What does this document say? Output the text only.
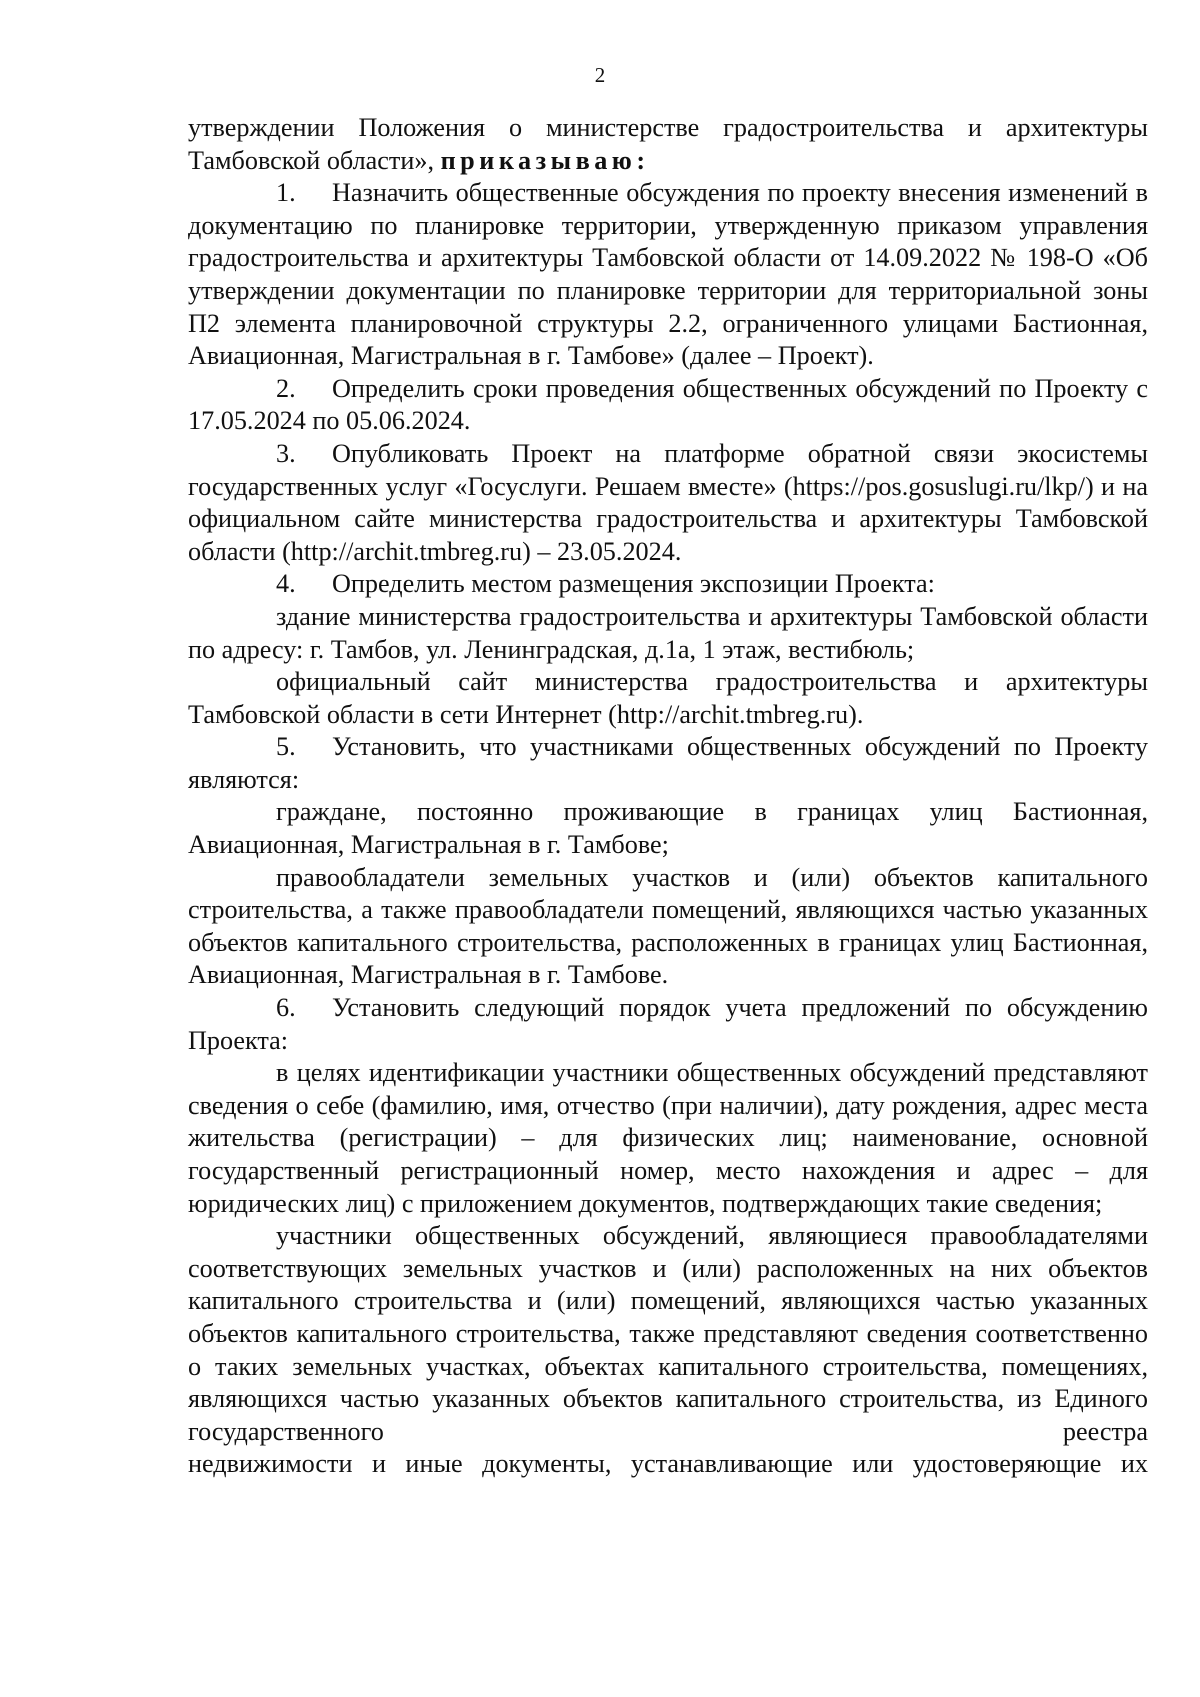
2

утверждении Положения о министерстве градостроительства и архитектуры Тамбовской области», приказываю:

1. Назначить общественные обсуждения по проекту внесения изменений в документацию по планировке территории, утвержденную приказом управления градостроительства и архитектуры Тамбовской области от 14.09.2022 № 198-О «Об утверждении документации по планировке территории для территориальной зоны П2 элемента планировочной структуры 2.2, ограниченного улицами Бастионная, Авиационная, Магистральная в г. Тамбове» (далее – Проект).

2. Определить сроки проведения общественных обсуждений по Проекту с 17.05.2024 по 05.06.2024.

3. Опубликовать Проект на платформе обратной связи экосистемы государственных услуг «Госуслуги. Решаем вместе» (https://pos.gosuslugi.ru/lkp/) и на официальном сайте министерства градостроительства и архитектуры Тамбовской области (http://archit.tmbreg.ru) – 23.05.2024.

4. Определить местом размещения экспозиции Проекта:

здание министерства градостроительства и архитектуры Тамбовской области по адресу: г. Тамбов, ул. Ленинградская, д.1а, 1 этаж, вестибюль;

официальный сайт министерства градостроительства и архитектуры Тамбовской области в сети Интернет (http://archit.tmbreg.ru).

5. Установить, что участниками общественных обсуждений по Проекту являются:

граждане, постоянно проживающие в границах улиц Бастионная, Авиационная, Магистральная в г. Тамбове;

правообладатели земельных участков и (или) объектов капитального строительства, а также правообладатели помещений, являющихся частью указанных объектов капитального строительства, расположенных в границах улиц Бастионная, Авиационная, Магистральная в г. Тамбове.

6. Установить следующий порядок учета предложений по обсуждению Проекта:

в целях идентификации участники общественных обсуждений представляют сведения о себе (фамилию, имя, отчество (при наличии), дату рождения, адрес места жительства (регистрации) – для физических лиц; наименование, основной государственный регистрационный номер, место нахождения и адрес – для юридических лиц) с приложением документов, подтверждающих такие сведения;

участники общественных обсуждений, являющиеся правообладателями соответствующих земельных участков и (или) расположенных на них объектов капитального строительства и (или) помещений, являющихся частью указанных объектов капитального строительства, также представляют сведения соответственно о таких земельных участках, объектах капитального строительства, помещениях, являющихся частью указанных объектов капитального строительства, из Единого государственного реестра

недвижимости и иные документы, устанавливающие или удостоверяющие их
